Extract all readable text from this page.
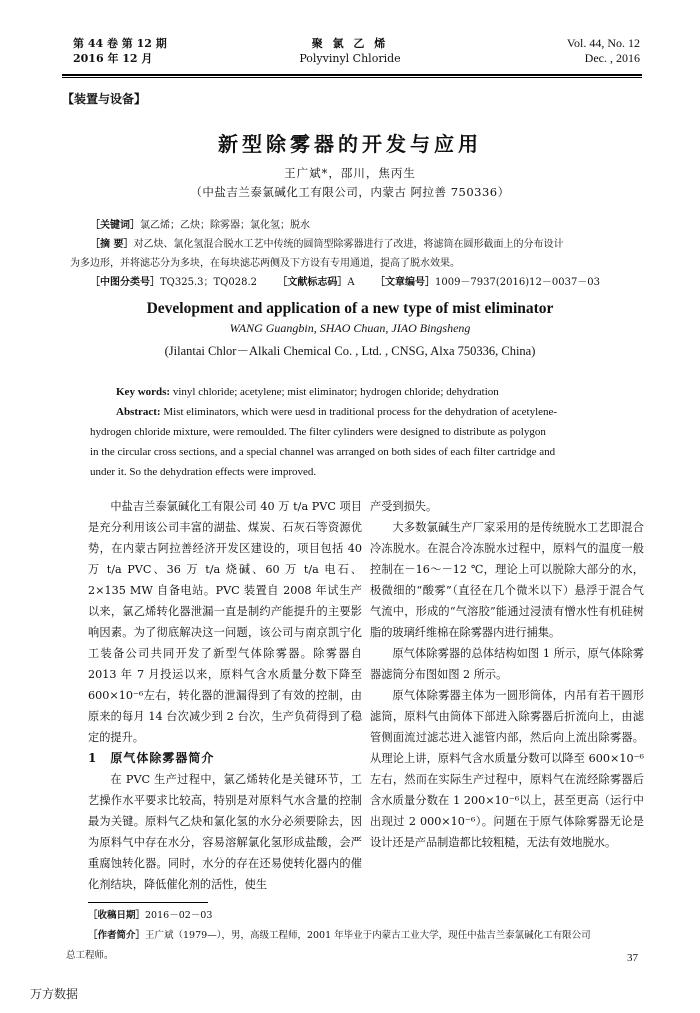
第 44 卷 第 12 期
2016 年 12 月
聚 氯 乙 烯
Polyvinyl Chloride
Vol. 44, No. 12
Dec. , 2016
【装置与设备】
新型除雾器的开发与应用
王广斌*，邵川，焦丙生
（中盐吉兰泰氯碱化工有限公司，内蒙古 阿拉善 750336）
［关键词］氯乙烯；乙炔；除雾器；氯化氢；脱水
［摘 要］对乙炔、氯化氢混合脱水工艺中传统的圆筒型除雾器进行了改进，将滤筒在圆形截面上的分布设计
为多边形，并将滤芯分为多块，在每块滤芯两侧及下方设有专用通道，提高了脱水效果。
［中图分类号］TQ325.3；TQ028.2 ［文献标志码］A ［文章编号］1009－7937(2016)12－0037－03
Development and application of a new type of mist eliminator
WANG Guangbin, SHAO Chuan, JIAO Bingsheng
(Jilantai Chlor－Alkali Chemical Co. , Ltd. , CNSG, Alxa 750336, China)
Key words: vinyl chloride; acetylene; mist eliminator; hydrogen chloride; dehydration
Abstract: Mist eliminators, which were uesd in traditional process for the dehydration of acetylene-
hydrogen chloride mixture, were remoulded. The filter cylinders were designed to distribute as polygon
in the circular cross sections, and a special channel was arranged on both sides of each filter cartridge and
under it. So the dehydration effects were improved.

中盐吉兰泰氯碱化工有限公司 40 万 t/a PVC 项目是充分利用该公司丰富的湖盐、煤炭、石灰石等资源优势，在内蒙古阿拉善经济开发区建设的，项目包括 40 万 t/a PVC、36 万 t/a 烧碱、60 万 t/a 电石、2×135 MW 自备电站。PVC 装置自 2008 年试生产以来，氯乙烯转化器泄漏一直是制约产能提升的主要影响因素。为了彻底解决这一问题，该公司与南京凯宁化工装备公司共同开发了新型气体除雾器。除雾器自 2013 年 7 月投运以来，原料气含水质量分数下降至 600×10⁻⁶左右，转化器的泄漏得到了有效的控制，由原来的每月 14 台次减少到 2 台次，生产负荷得到了稳定的提升。

1　原气体除雾器简介

在 PVC 生产过程中，氯乙烯转化是关键环节，工艺操作水平要求比较高，特别是对原料气水含量的控制最为关键。原料气乙炔和氯化氢的水分必须要除去，因为原料气中存在水分，容易溶解氯化氢形成盐酸，会严重腐蚀转化器。同时，水分的存在还易使转化器内的催化剂结块，降低催化剂的活性，使生

产受到损失。

大多数氯碱生产厂家采用的是传统脱水工艺即混合冷冻脱水。在混合冷冻脱水过程中，原料气的温度一般控制在－16～－12 ℃，理论上可以脱除大部分的水，极微细的“酸雾”（直径在几个微米以下）悬浮于混合气气流中，形成的“气溶胶”能通过浸渍有憎水性有机硅树脂的玻璃纤维棉在除雾器内进行捕集。

原气体除雾器的总体结构如图 1 所示，原气体除雾器滤筒分布图如图 2 所示。

原气体除雾器主体为一圆形筒体，内吊有若干圆形滤筒，原料气由筒体下部进入除雾器后折流向上，由滤管侧面流过滤芯进入滤管内部，然后向上流出除雾器。从理论上讲，原料气含水质量分数可以降至 600×10⁻⁶左右，然而在实际生产过程中，原料气在流经除雾器后含水质量分数在 1 200×10⁻⁶以上，甚至更高（运行中出现过 2 000×10⁻⁶）。问题在于原气体除雾器无论是设计还是产品制造都比较粗糙，无法有效地脱水。

［收稿日期］2016－02－03
［作者简介］王广斌（1979—），男，高级工程师，2001 年毕业于内蒙古工业大学，现任中盐吉兰泰氯碱化工有限公司
总工程师。	37
万方数据
